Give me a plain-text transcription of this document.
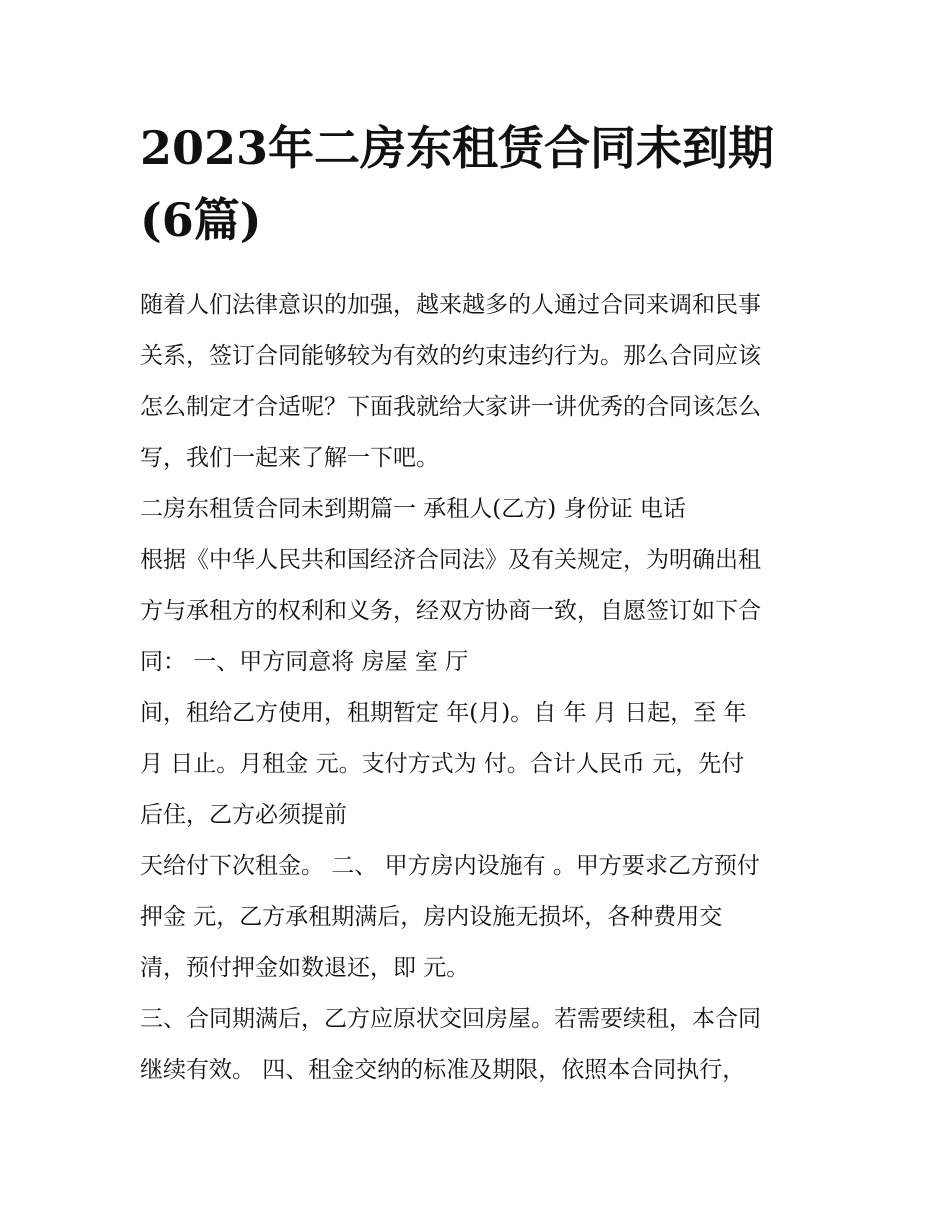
2023年二房东租赁合同未到期
(6篇)
随着人们法律意识的加强，越来越多的人通过合同来调和民事
关系，签订合同能够较为有效的约束违约行为。那么合同应该
怎么制定才合适呢？下面我就给大家讲一讲优秀的合同该怎么
写，我们一起来了解一下吧。
二房东租赁合同未到期篇一 承租人(乙方) 身份证 电话
根据《中华人民共和国经济合同法》及有关规定，为明确出租
方与承租方的权利和义务，经双方协商一致，自愿签订如下合
同： 一、甲方同意将 房屋 室 厅
间，租给乙方使用，租期暂定 年(月)。自 年 月 日起，至 年
月 日止。月租金 元。支付方式为 付。合计人民币 元，先付
后住，乙方必须提前
天给付下次租金。 二、 甲方房内设施有 。甲方要求乙方预付
押金 元，乙方承租期满后，房内设施无损坏，各种费用交
清，预付押金如数退还，即 元。
三、合同期满后，乙方应原状交回房屋。若需要续租，本合同
继续有效。 四、租金交纳的标准及期限，依照本合同执行，
